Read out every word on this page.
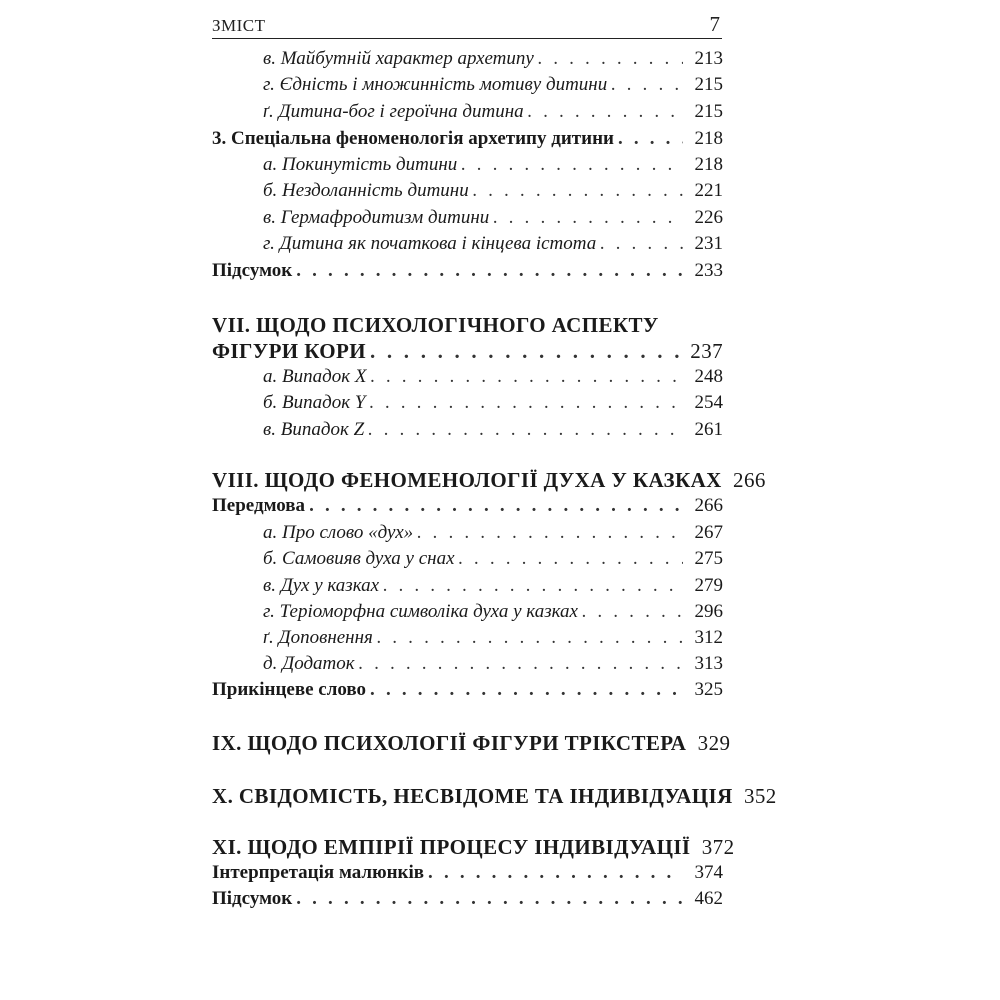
ЗМІСТ	7
в. Майбутній характер архетипу . . .	213
г. Єдність і множинність мотиву дитини . . .	215
ґ. Дитина-бог і героїчна дитина . . .	215
3. Спеціальна феноменологія архетипу дитини . . .	218
а. Покинутість дитини . . .	218
б. Нездоланність дитини . . .	221
в. Гермафродитизм дитини . . .	226
г. Дитина як початкова і кінцева істота . . .	231
Підсумок . . .	233
VII. ЩОДО ПСИХОЛОГІЧНОГО АСПЕКТУ
ФІГУРИ КОРИ . . .	237
а. Випадок X . . .	248
б. Випадок Y . . .	254
в. Випадок Z . . .	261
VIII. ЩОДО ФЕНОМЕНОЛОГІЇ ДУХА У КАЗКАХ 266
Передмова . . .	266
а. Про слово «дух» . . .	267
б. Самовияв духа у снах . . .	275
в. Дух у казках . . .	279
г. Теріоморфна символіка духа у казках . . .	296
ґ. Доповнення . . .	312
д. Додаток . . .	313
Прикінцеве слово . . .	325
IX. ЩОДО ПСИХОЛОГІЇ ФІГУРИ ТРІКСТЕРА 329
X. СВІДОМІСТЬ, НЕСВІДОМЕ ТА ІНДИВІДУАЦІЯ 352
XI. ЩОДО ЕМПІРІЇ ПРОЦЕСУ ІНДИВІДУАЦІЇ 372
Інтерпретація малюнків . . .	374
Підсумок . . .	462
